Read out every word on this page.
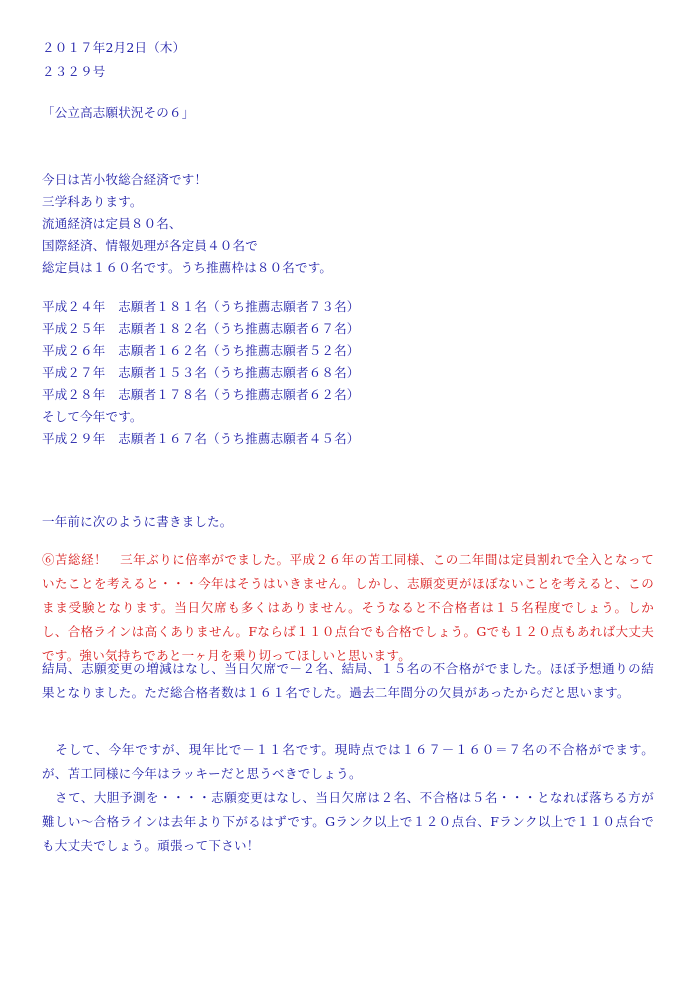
２０１７年2月2日（木）
２３２９号
「公立高志願状況その６」
今日は苫小牧総合経済です！
三学科あります。
流通経済は定員８０名、
国際経済、情報処理が各定員４０名で
総定員は１６０名です。うち推薦枠は８０名です。
平成２４年　志願者１８１名（うち推薦志願者７３名）
平成２５年　志願者１８２名（うち推薦志願者６７名）
平成２６年　志願者１６２名（うち推薦志願者５２名）
平成２７年　志願者１５３名（うち推薦志願者６８名）
平成２８年　志願者１７８名（うち推薦志願者６２名）
そして今年です。
平成２９年　志願者１６７名（うち推薦志願者４５名）
一年前に次のように書きました。
⑥苫総経！　三年ぶりに倍率がでました。平成２６年の苫工同様、この二年間は定員割れで全入となっていたことを考えると・・・今年はそうはいきません。しかし、志願変更がほぼないことを考えると、このまま受験となります。当日欠席も多くはありません。そうなると不合格者は１５名程度でしょう。しかし、合格ラインは高くありません。Fならば１１０点台でも合格でしょう。Gでも１２０点もあれば大丈夫です。強い気持ちであと一ヶ月を乗り切ってほしいと思います。
結局、志願変更の増減はなし、当日欠席で－２名、結局、１５名の不合格がでました。ほぼ予想通りの結果となりました。ただ総合格者数は１６１名でした。過去二年間分の欠員があったからだと思います。
　そして、今年ですが、現年比で－１１名です。現時点では１６７－１６０＝７名の不合格がでます。が、苫工同様に今年はラッキーだと思うべきでしょう。
　さて、大胆予測を・・・・志願変更はなし、当日欠席は２名、不合格は５名・・・となれば落ちる方が難しい～合格ラインは去年より下がるはずです。Gランク以上で１２０点台、Fランク以上で１１０点台でも大丈夫でしょう。頑張って下さい！
